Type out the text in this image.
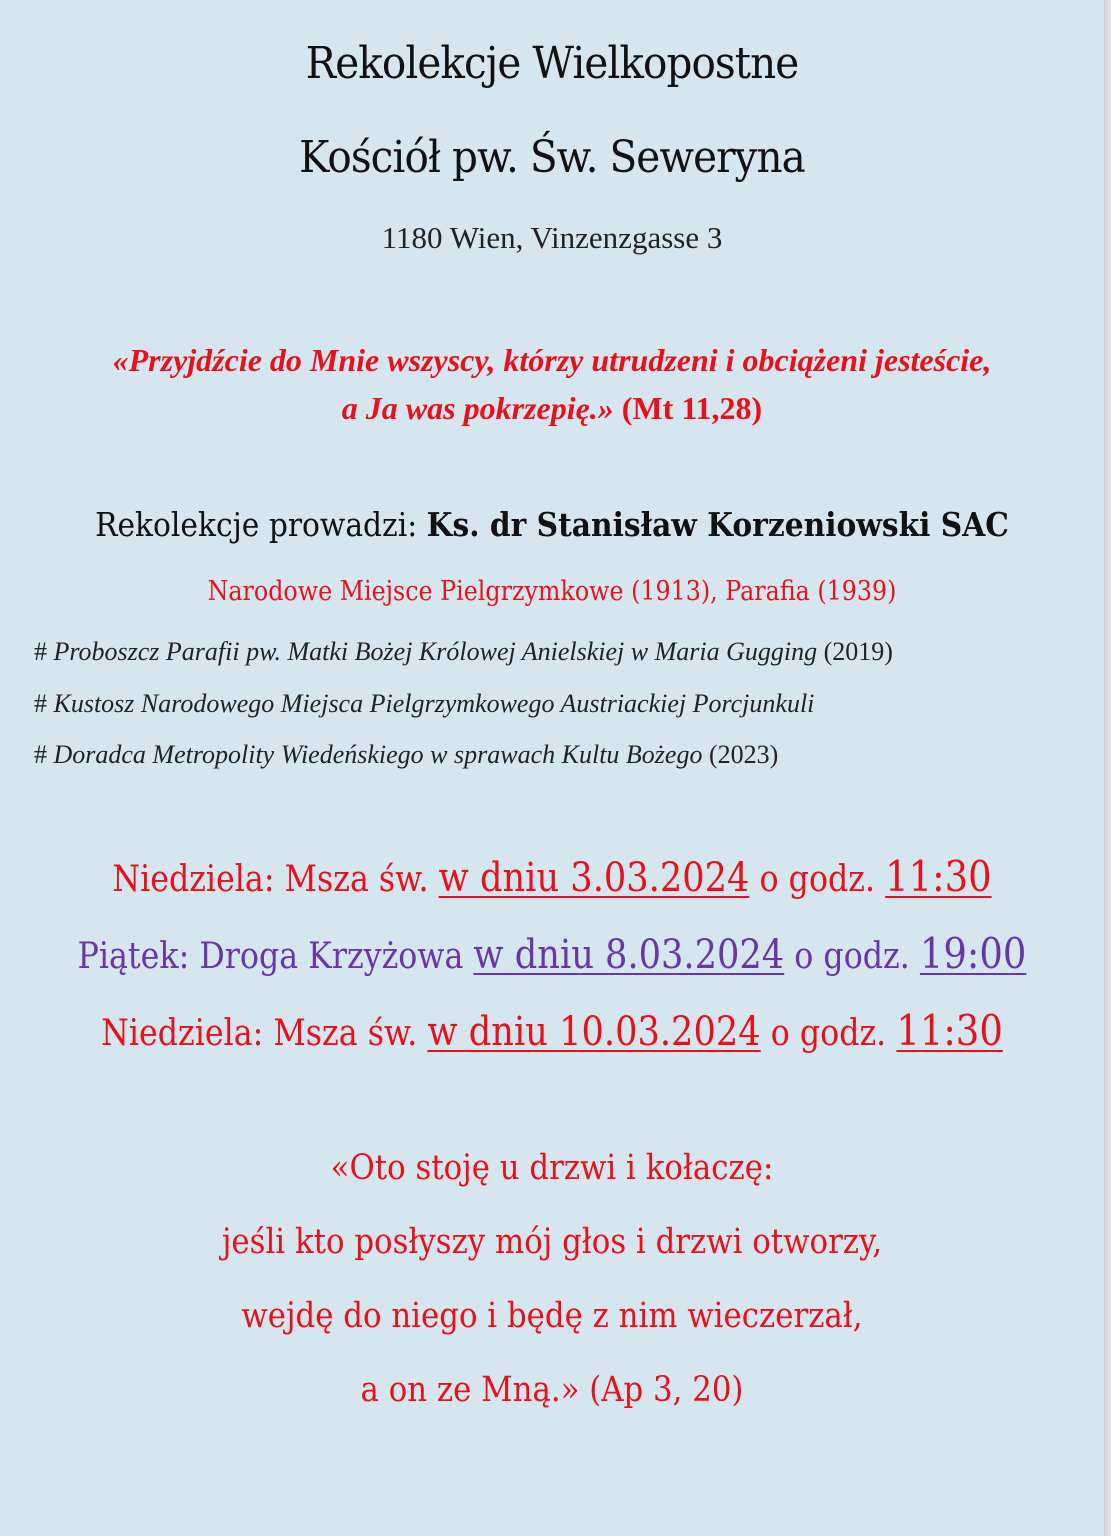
Rekolekcje Wielkopostne
Kościół pw. Św. Seweryna
1180 Wien, Vinzenzgasse 3
«Przyjdźcie do Mnie wszyscy, którzy utrudzeni i obciążeni jesteście,
a Ja was pokrzepię.» (Mt 11,28)
Rekolekcje prowadzi: Ks. dr Stanisław Korzeniowski SAC
Narodowe Miejsce Pielgrzymkowe (1913), Parafia (1939)
# Proboszcz Parafii pw. Matki Bożej Królowej Anielskiej w Maria Gugging (2019)
# Kustosz Narodowego Miejsca Pielgrzymkowego Austriackiej Porcjunkuli
# Doradca Metropolity Wiedeńskiego w sprawach Kultu Bożego (2023)
Niedziela: Msza św. w dniu 3.03.2024 o godz. 11:30
Piątek: Droga Krzyżowa w dniu 8.03.2024 o godz. 19:00
Niedziela: Msza św. w dniu 10.03.2024 o godz. 11:30
«Oto stoję u drzwi i kołaczę:
jeśli kto posłyszy mój głos i drzwi otworzy,
wejdę do niego i będę z nim wieczerzał,
a on ze Mną.» (Ap 3, 20)
